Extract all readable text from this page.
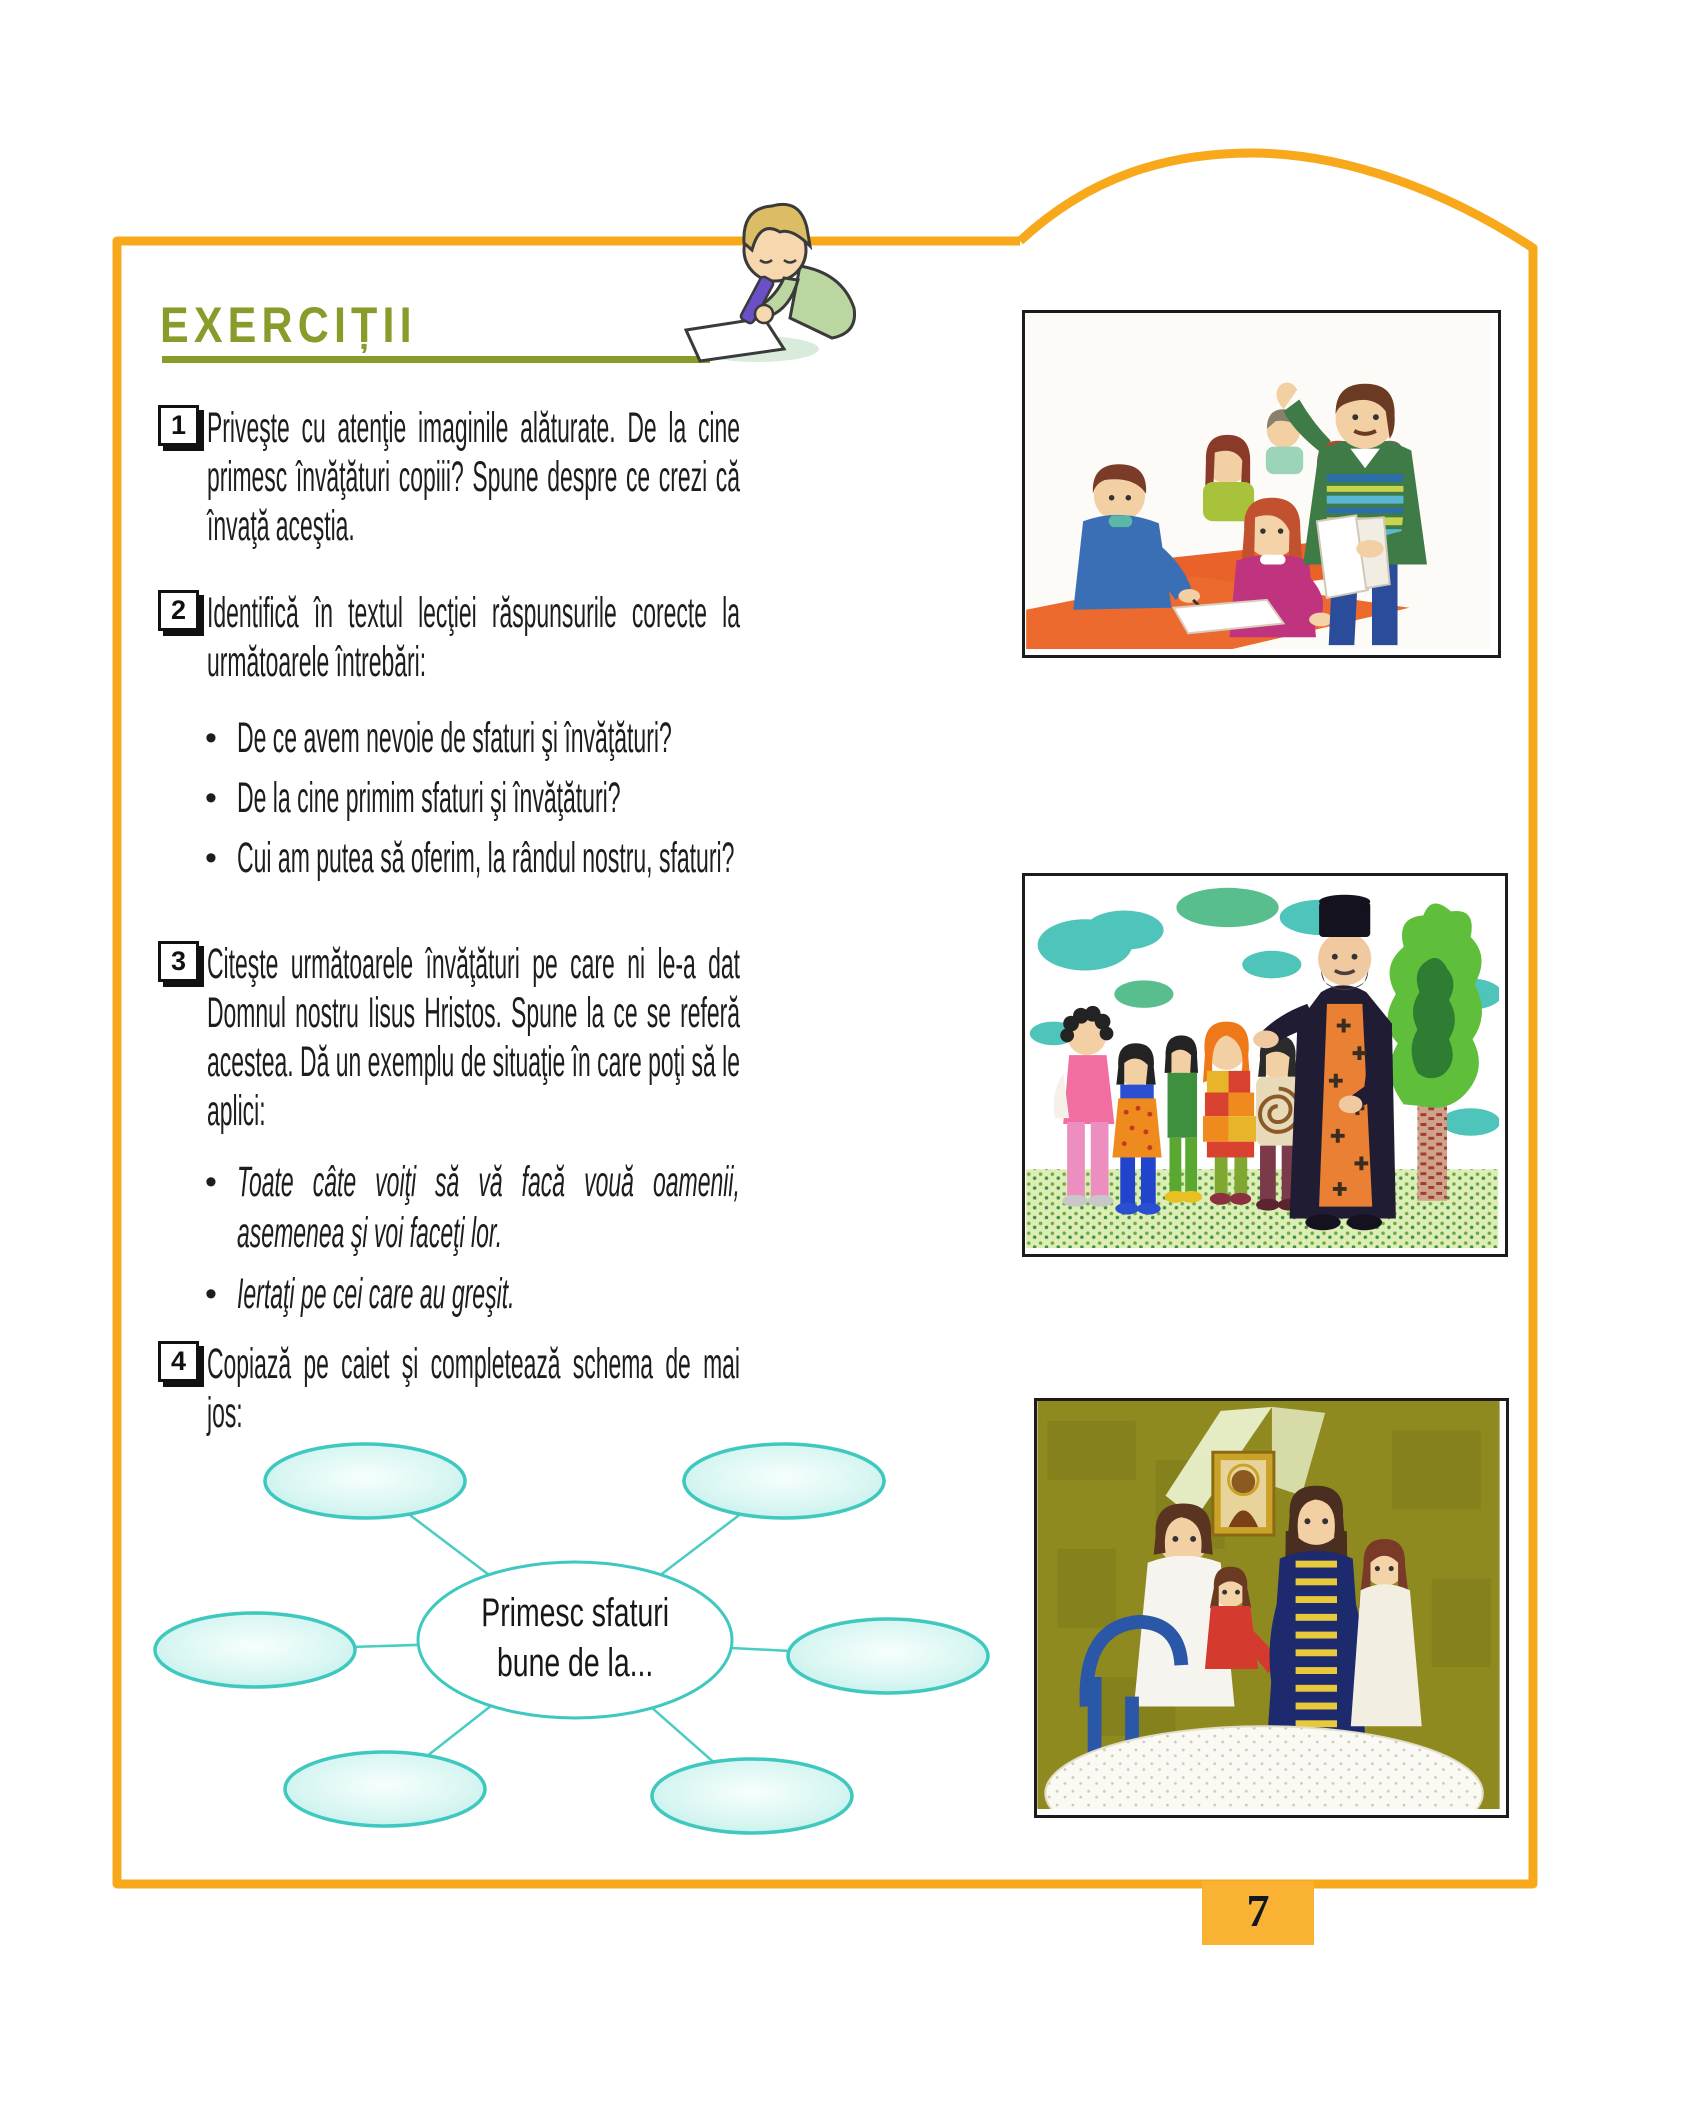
EXERCIȚII
1 Priveşte cu atenţie imaginile alăturate. De la cine primesc învăţături copiii? Spune despre ce crezi că învaţă aceştia.
2 Identifică în textul lecţiei răspunsurile corecte la următoarele întrebări:
• De ce avem nevoie de sfaturi şi învăţături?
• De la cine primim sfaturi şi învăţături?
• Cui am putea să oferim, la rândul nostru, sfaturi?
3 Citeşte următoarele învăţături pe care ni le-a dat Domnul nostru Iisus Hristos. Spune la ce se referă acestea. Dă un exemplu de situaţie în care poţi să le aplici:
• Toate câte voiţi să vă facă vouă oamenii, asemenea şi voi faceţi lor.
• Iertaţi pe cei care au greşit.
4 Copiază pe caiet şi completează schema de mai jos:
Primesc sfaturi bune de la...
7
